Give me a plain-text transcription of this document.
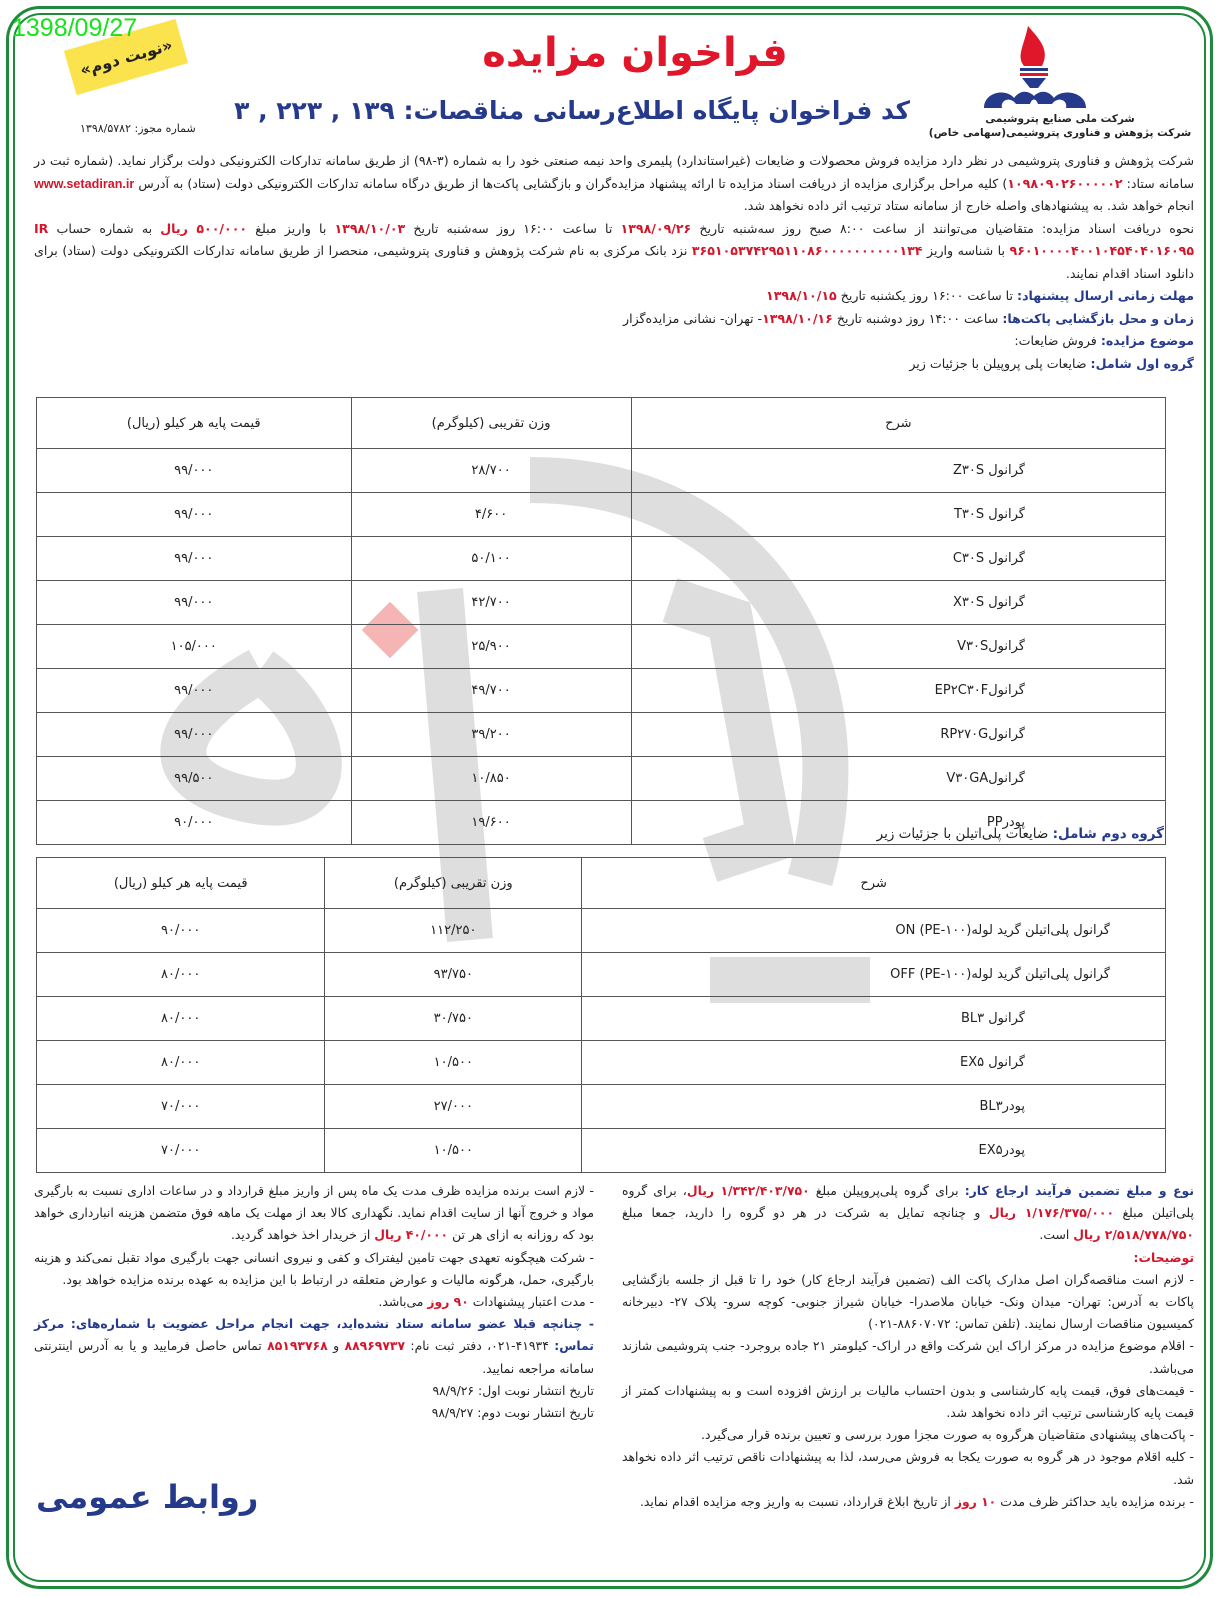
1398/09/27
«نوبت دوم»
شماره مجوز: ۱۳۹۸/۵۷۸۲
فراخوان مزایده
کد فراخوان پایگاه اطلاع‌رسانی مناقصات: ۱۳۹ , ۲۲۳ , ۳	شرکت ملی صنایع پتروشیمی
شرکت پژوهش و فناوری پتروشیمی(سهامی خاص)
شرکت پژوهش و فناوری پتروشیمی در نظر دارد مزایده فروش محصولات و ضایعات (غیراستاندارد) پلیمری واحد نیمه صنعتی خود را به شماره (۳-۹۸) از طریق سامانه تدارکات الکترونیکی دولت برگزار نماید. (شماره ثبت در سامانه ستاد: ۱۰۹۸۰۹۰۲۶۰۰۰۰۰۲) کلیه مراحل برگزاری مزایده از دریافت اسناد مزایده تا ارائه پیشنهاد مزایده‌گران و بازگشایی پاکت‌ها از طریق درگاه سامانه تدارکات الکترونیکی دولت (ستاد) به آدرس www.setadiran.ir انجام خواهد شد. به پیشنهادهای واصله خارج از سامانه ستاد ترتیب اثر داده نخواهد شد.
نحوه دریافت اسناد مزایده: متقاضیان می‌توانند از ساعت ۸:۰۰ صبح روز سه‌شنبه تاریخ ۱۳۹۸/۰۹/۲۶ تا ساعت ۱۶:۰۰ روز سه‌شنبه تاریخ ۱۳۹۸/۱۰/۰۳ با واریز مبلغ ۵۰۰/۰۰۰ ریال به شماره حساب IR ۹۶۰۱۰۰۰۰۴۰۰۱۰۴۵۴۰۴۰۱۶۰۹۵ با شناسه واریز ۳۶۵۱۰۵۳۷۴۲۹۵۱۱۰۸۶۰۰۰۰۰۰۰۰۰۰۱۳۴ نزد بانک مرکزی به نام شرکت پژوهش و فناوری پتروشیمی، منحصرا از طریق سامانه تدارکات الکترونیکی دولت (ستاد) برای دانلود اسناد اقدام نمایند.
مهلت زمانی ارسال پیشنهاد: تا ساعت ۱۶:۰۰ روز یکشنبه تاریخ ۱۳۹۸/۱۰/۱۵
زمان و محل بازگشایی پاکت‌ها: ساعت ۱۴:۰۰ روز دوشنبه تاریخ ۱۳۹۸/۱۰/۱۶- تهران- نشانی مزایده‌گزار
موضوع مزایده: فروش ضایعات:
گروه اول شامل: ضایعات پلی پروپیلن با جزئیات زیر
شرح	وزن تقریبی (کیلوگرم)	قیمت پایه هر کیلو (ریال)
گرانول Z۳۰S	۲۸/۷۰۰	۹۹/۰۰۰
گرانول T۳۰S	۴/۶۰۰	۹۹/۰۰۰
گرانول C۳۰S	۵۰/۱۰۰	۹۹/۰۰۰
گرانول X۳۰S	۴۲/۷۰۰	۹۹/۰۰۰
گرانولV۳۰S	۲۵/۹۰۰	۱۰۵/۰۰۰
گرانولEP۲C۳۰F	۴۹/۷۰۰	۹۹/۰۰۰
گرانولRP۲۷۰G	۳۹/۲۰۰	۹۹/۰۰۰
گرانولV۳۰GA	۱۰/۸۵۰	۹۹/۵۰۰
پودرPP	۱۹/۶۰۰	۹۰/۰۰۰
گروه دوم شامل: ضایعات پلی‌اتیلن با جزئیات زیر
شرح	وزن تقریبی (کیلوگرم)	قیمت پایه هر کیلو (ریال)
گرانول پلی‌اتیلن گرید لولهON (PE-۱۰۰)	۱۱۲/۲۵۰	۹۰/۰۰۰
گرانول پلی‌اتیلن گرید لولهOFF (PE-۱۰۰)	۹۳/۷۵۰	۸۰/۰۰۰
گرانول BL۳	۳۰/۷۵۰	۸۰/۰۰۰
گرانول EX۵	۱۰/۵۰۰	۸۰/۰۰۰
پودرBL۳	۲۷/۰۰۰	۷۰/۰۰۰
پودرEX۵	۱۰/۵۰۰	۷۰/۰۰۰
نوع و مبلغ تضمین فرآیند ارجاع کار: برای گروه پلی‌پروپیلن مبلغ ۱/۳۴۲/۴۰۳/۷۵۰ ریال، برای گروه پلی‌اتیلن مبلغ ۱/۱۷۶/۳۷۵/۰۰۰ ریال و چنانچه تمایل به شرکت در هر دو گروه را دارید، جمعا مبلغ ۲/۵۱۸/۷۷۸/۷۵۰ ریال است.
توضیحات:
- لازم است مناقصه‌گران اصل مدارک پاکت الف (تضمین فرآیند ارجاع کار) خود را تا قبل از جلسه بازگشایی پاکات به آدرس: تهران- میدان ونک- خیابان ملاصدرا- خیابان شیراز جنوبی- کوچه سرو- پلاک ۲۷- دبیرخانه کمیسیون مناقصات ارسال نمایند. (تلفن تماس: ۸۸۶۰۷۰۷۲-۰۲۱)
- اقلام موضوع مزایده در مرکز اراک این شرکت واقع در اراک- کیلومتر ۲۱ جاده بروجرد- جنب پتروشیمی شازند می‌باشد.
- قیمت‌های فوق، قیمت پایه کارشناسی و بدون احتساب مالیات بر ارزش افزوده است و به پیشنهادات کمتر از قیمت پایه کارشناسی ترتیب اثر داده نخواهد شد.
- پاکت‌های پیشنهادی متقاضیان هرگروه به صورت مجزا مورد بررسی و تعیین برنده قرار می‌گیرد.
- کلیه اقلام موجود در هر گروه به صورت یکجا به فروش می‌رسد، لذا به پیشنهادات ناقص ترتیب اثر داده نخواهد شد.
- برنده مزایده باید حداکثر ظرف مدت ۱۰ روز از تاریخ ابلاغ قرارداد، نسبت به واریز وجه مزایده اقدام نماید.
- لازم است برنده مزایده ظرف مدت یک ماه پس از واریز مبلغ قرارداد و در ساعات اداری نسبت به بارگیری مواد و خروج آنها از سایت اقدام نماید. نگهداری کالا بعد از مهلت یک ماهه فوق متضمن هزینه انبارداری خواهد بود که روزانه به ازای هر تن ۴۰/۰۰۰ ریال از خریدار اخذ خواهد گردید.
- شرکت هیچگونه تعهدی جهت تامین لیفتراک و کفی و نیروی انسانی جهت بارگیری مواد تقبل نمی‌کند و هزینه بارگیری، حمل، هرگونه مالیات و عوارض متعلقه در ارتباط با این مزایده به عهده برنده مزایده خواهد بود.
- مدت اعتبار پیشنهادات ۹۰ روز می‌باشد.
- چنانچه قبلا عضو سامانه ستاد نشده‌اید، جهت انجام مراحل عضویت با شماره‌های: مرکز تماس: ۴۱۹۳۴-۰۲۱، دفتر ثبت نام: ۸۸۹۶۹۷۳۷ و ۸۵۱۹۳۷۶۸ تماس حاصل فرمایید و یا به آدرس اینترنتی سامانه مراجعه نمایید.
تاریخ انتشار نوبت اول: ۹۸/۹/۲۶
تاریخ انتشار نوبت دوم: ۹۸/۹/۲۷
روابط عمومی
